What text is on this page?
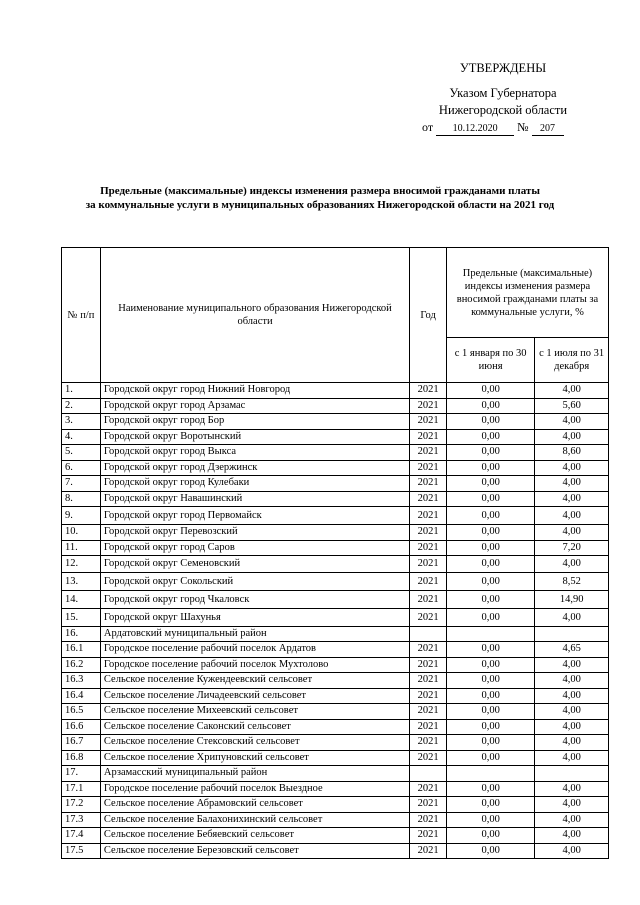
УТВЕРЖДЕНЫ
Указом Губернатора
Нижегородской области
от 10.12.2020 № 207
Предельные (максимальные) индексы изменения размера вносимой гражданами платы
за коммунальные услуги в муниципальных образованиях Нижегородской области на 2021 год
№ п/п	Наименование муниципального образования Нижегородской области	Год	Предельные (максимальные) индексы изменения размера вносимой гражданами платы за коммунальные услуги, %	
			с 1 января по 30 июня	с 1 июля по 31 декабря
1.	Городской округ город Нижний Новгород	2021	0,00	4,00
2.	Городской округ город Арзамас	2021	0,00	5,60
3.	Городской округ город Бор	2021	0,00	4,00
4.	Городской округ Воротынский	2021	0,00	4,00
5.	Городской округ город Выкса	2021	0,00	8,60
6.	Городской округ город Дзержинск	2021	0,00	4,00
7.	Городской округ город Кулебаки	2021	0,00	4,00
8.	Городской округ Навашинский	2021	0,00	4,00
9.	Городской округ город Первомайск	2021	0,00	4,00
10.	Городской округ Перевозский	2021	0,00	4,00
11.	Городской округ город Саров	2021	0,00	7,20
12.	Городской округ Семеновский	2021	0,00	4,00
13.	Городской округ Сокольский	2021	0,00	8,52
14.	Городской округ город Чкаловск	2021	0,00	14,90
15.	Городской округ Шахунья	2021	0,00	4,00
16.	Ардатовский муниципальный район			
16.1	Городское поселение рабочий поселок Ардатов	2021	0,00	4,65
16.2	Городское поселение рабочий поселок Мухтолово	2021	0,00	4,00
16.3	Сельское поселение Кужендеевский сельсовет	2021	0,00	4,00
16.4	Сельское поселение Личадеевский сельсовет	2021	0,00	4,00
16.5	Сельское поселение Михеевский сельсовет	2021	0,00	4,00
16.6	Сельское поселение Саконский сельсовет	2021	0,00	4,00
16.7	Сельское поселение Стексовский сельсовет	2021	0,00	4,00
16.8	Сельское поселение Хрипуновский сельсовет	2021	0,00	4,00
17.	Арзамасский муниципальный район			
17.1	Городское поселение рабочий поселок Выездное	2021	0,00	4,00
17.2	Сельское поселение Абрамовский сельсовет	2021	0,00	4,00
17.3	Сельское поселение Балахонихинский сельсовет	2021	0,00	4,00
17.4	Сельское поселение Бебяевский сельсовет	2021	0,00	4,00
17.5	Сельское поселение Березовский сельсовет	2021	0,00	4,00
